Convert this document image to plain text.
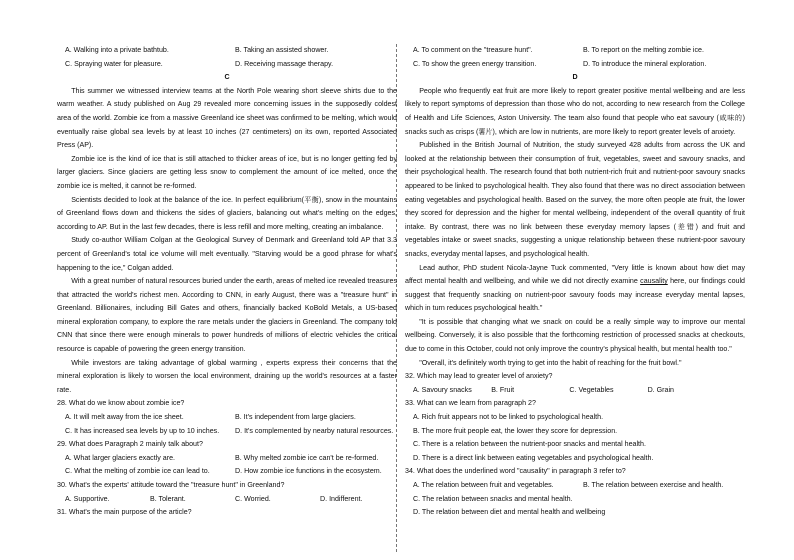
A. Walking into a private bathtub.	B. Taking an assisted shower.
C. Spraying water for pleasure.	D. Receiving massage therapy.

C

This summer we witnessed interview teams at the North Pole wearing short sleeve shirts due to the warm weather. A study published on Aug 29 revealed more concerning issues in the supposedly coldest area of the world. Zombie ice from a massive Greenland ice sheet was confirmed to be melting, which would eventually raise global sea levels by at least 10 inches (27 centimeters) on its own, reported Associated Press (AP).

Zombie ice is the kind of ice that is still attached to thicker areas of ice, but is no longer getting fed by larger glaciers. Since glaciers are getting less snow to complement the amount of ice melted, once the zombie ice is melted, it cannot be re-formed.

Scientists decided to look at the balance of the ice. In perfect equilibrium(平衡), snow in the mountains of Greenland flows down and thickens the sides of glaciers, balancing out what's melting on the edges, according to AP. But in the last few decades, there is less refill and more melting, creating an imbalance.

Study co-author William Colgan at the Geological Survey of Denmark and Greenland told AP that 3.3 percent of Greenland's total ice volume will melt eventually. "Starving would be a good phrase for what's happening to the ice," Colgan added.

With a great number of natural resources buried under the earth, areas of melted ice revealed treasures that attracted the world's richest men. According to CNN, in early August, there was a "treasure hunt" in Greenland. Billionaires, including Bill Gates and others, financially backed KoBold Metals, a US-based mineral exploration company, to explore the rare metals under the glaciers in Greenland. The company told CNN that since there were enough minerals to power hundreds of millions of electric vehicles the critical resource is capable of powering the green energy transition.

While investors are taking advantage of global warming , experts express their concerns that the mineral exploration is likely to worsen the local environment, draining up the world's resources at a faster rate.

28. What do we know about zombie ice?

A. It will melt away from the ice sheet.	B. It's independent from large glaciers.
C. It has increased sea levels by up to 10 inches.	D. It's complemented by nearby natural resources.

29. What does Paragraph 2 mainly talk about?

A. What larger glaciers exactly are.	B. Why melted zombie ice can't be re-formed.
C. What the melting of zombie ice can lead to.	D. How zombie ice functions in the ecosystem.

30. What's the experts' attitude toward the "treasure hunt" in Greenland?

A. Supportive.	B. Tolerant.	C. Worried.	D. Indifferent.

31. What's the main purpose of the article?

A. To comment on the "treasure hunt".	B. To report on the melting zombie ice.
C. To show the green energy transition.	D. To introduce the mineral exploration.

D

People who frequently eat fruit are more likely to report greater positive mental wellbeing and are less likely to report symptoms of depression than those who do not, according to new research from the College of Health and Life Sciences, Aston University. The team also found that people who eat savoury (咸味的) snacks such as crisps (薯片), which are low in nutrients, are more likely to report greater levels of anxiety.

Published in the British Journal of Nutrition, the study surveyed 428 adults from across the UK and looked at the relationship between their consumption of fruit, vegetables, sweet and savoury snacks, and their psychological health. The research found that both nutrient-rich fruit and nutrient-poor savoury snacks appeared to be linked to psychological health. They also found that there was no direct association between eating vegetables and psychological health. Based on the survey, the more often people ate fruit, the lower they scored for depression and the higher for mental wellbeing, independent of the overall quantity of fruit intake. By contrast, there was no link between these everyday memory lapses (差错) and fruit and vegetables intake or sweet snacks, suggesting a unique relationship between these nutrient-poor savoury snacks, everyday mental lapses, and psychological health.

Lead author, PhD student Nicola-Jayne Tuck commented, "Very little is known about how diet may affect mental health and wellbeing, and while we did not directly examine causality here, our findings could suggest that frequently snacking on nutrient-poor savoury foods may increase everyday mental lapses, which in turn reduces psychological health."

"It is possible that changing what we snack on could be a really simple way to improve our mental wellbeing. Conversely, it is also possible that the forthcoming restriction of processed snacks at checkouts, due to come in this October, could not only improve the country's physical health, but mental health too."

"Overall, it's definitely worth trying to get into the habit of reaching for the fruit bowl."

32. Which may lead to greater level of anxiety?

A. Savoury snacks	B. Fruit	C. Vegetables	D. Grain

33. What can we learn from paragraph 2?

A. Rich fruit appears not to be linked to psychological health.

B. The more fruit people eat, the lower they score for depression.

C. There is a relation between the nutrient-poor snacks and mental health.

D. There is a direct link between eating vegetables and psychological health.

34. What does the underlined word "causality" in paragraph 3 refer to?

A. The relation between fruit and vegetables.	B. The relation between exercise and health.

C. The relation between snacks and mental health.

D. The relation between diet and mental health and wellbeing
